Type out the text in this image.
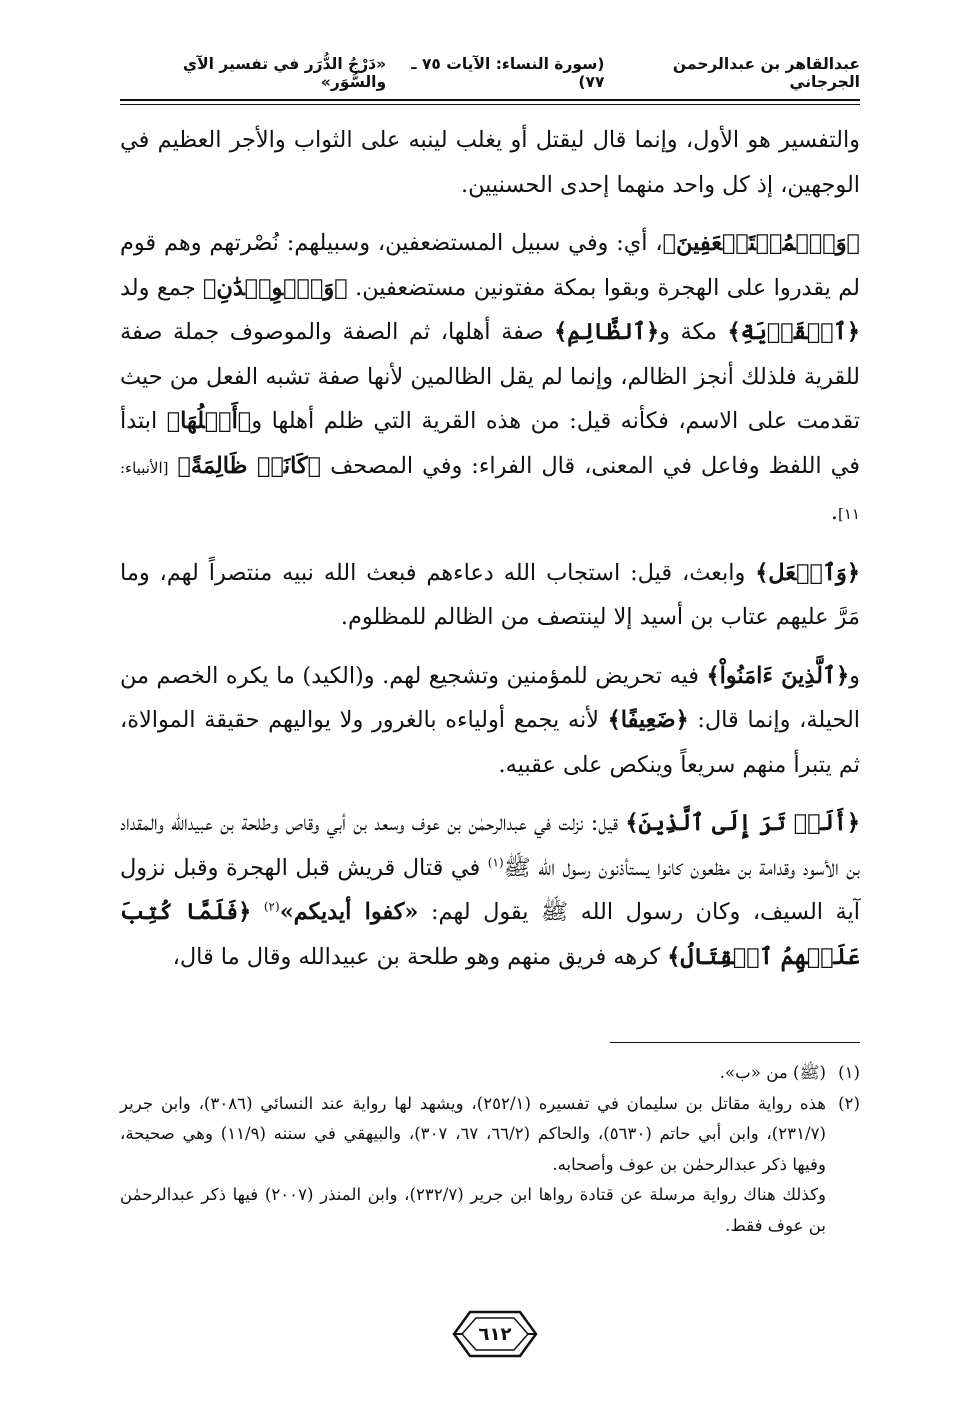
عبدالقاهر بن عبدالرحمن الجرجاني
(سورة النساء: الآيات ٧٥ ـ ٧٧)
«دَرْجُ الدُّرَر في تفسير الآي والسُّوَر»

والتفسير هو الأول، وإنما قال ليقتل أو يغلب لينبه على الثواب والأجر العظيم في الوجهين، إذ كل واحد منهما إحدى الحسنيين.

﴿وَٱلۡمُسۡتَضۡعَفِينَ﴾، أي: وفي سبيل المستضعفين، وسبيلهم: نُصْرتهم وهم قوم لم يقدروا على الهجرة وبقوا بمكة مفتونين مستضعفين. ﴿وَٱلۡوِلۡدَٰنِ﴾ جمع ولد ﴿ٱلۡقَرۡيَةِ﴾ مكة و﴿ٱلظَّالِمِ﴾ صفة أهلها، ثم الصفة والموصوف جملة صفة للقرية فلذلك أنجز الظالم، وإنما لم يقل الظالمين لأنها صفة تشبه الفعل من حيث تقدمت على الاسم، فكأنه قيل: من هذه القرية التي ظلم أهلها و﴿أَهۡلُهَا﴾ ابتدأ في اللفظ وفاعل في المعنى، قال الفراء: وفي المصحف ﴿كَانَتۡ ظَالِمَةً﴾ [الأنبياء: ١١].

﴿وَٱجۡعَل﴾ وابعث، قيل: استجاب الله دعاءهم فبعث الله نبيه منتصراً لهم، وما مَرَّ عليهم عتاب بن أسيد إلا لينتصف من الظالم للمظلوم.

و﴿ٱلَّذِينَ ءَامَنُواْ﴾ فيه تحريض للمؤمنين وتشجيع لهم. و(الكيد) ما يكره الخصم من الحيلة، وإنما قال: ﴿ضَعِيفًا﴾ لأنه يجمع أولياءه بالغرور ولا يواليهم حقيقة الموالاة، ثم يتبرأ منهم سريعاً وينكص على عقبيه.

﴿أَلَمۡ تَرَ إِلَى ٱلَّذِينَ﴾ قيل: نزلت في عبدالرحمٰن بن عوف وسعد بن أبي وقاص وطلحة بن عبيدالله والمقداد بن الأسود وقدامة بن مظعون كانوا يستأذنون رسول الله ﷺ$^{(١)}$ في قتال قريش قبل الهجرة وقبل نزول آية السيف، وكان رسول الله ﷺ يقول لهم: «كفوا أيديكم»$^{(٢)}$ ﴿فَلَمَّا كُتِبَ عَلَيۡهِمُ ٱلۡقِتَالُ﴾ كرهه فريق منهم وهو طلحة بن عبيدالله وقال ما قال،

(١)
(ﷺ) من «ب».

(٢)
هذه رواية مقاتل بن سليمان في تفسيره (٢٥٢/١)، ويشهد لها رواية عند النسائي (٣٠٨٦)، وابن جرير (٢٣١/٧)، وابن أبي حاتم (٥٦٣٠)، والحاكم (٦٦/٢، ٦٧، ٣٠٧)، والبيهقي في سننه (١١/٩) وهي صحيحة، وفيها ذكر عبدالرحمٰن بن عوف وأصحابه.

وكذلك هناك رواية مرسلة عن قتادة رواها ابن جرير (٢٣٢/٧)، وابن المنذر (٢٠٠٧) فيها ذكر عبدالرحمٰن بن عوف فقط.

٦١٢
